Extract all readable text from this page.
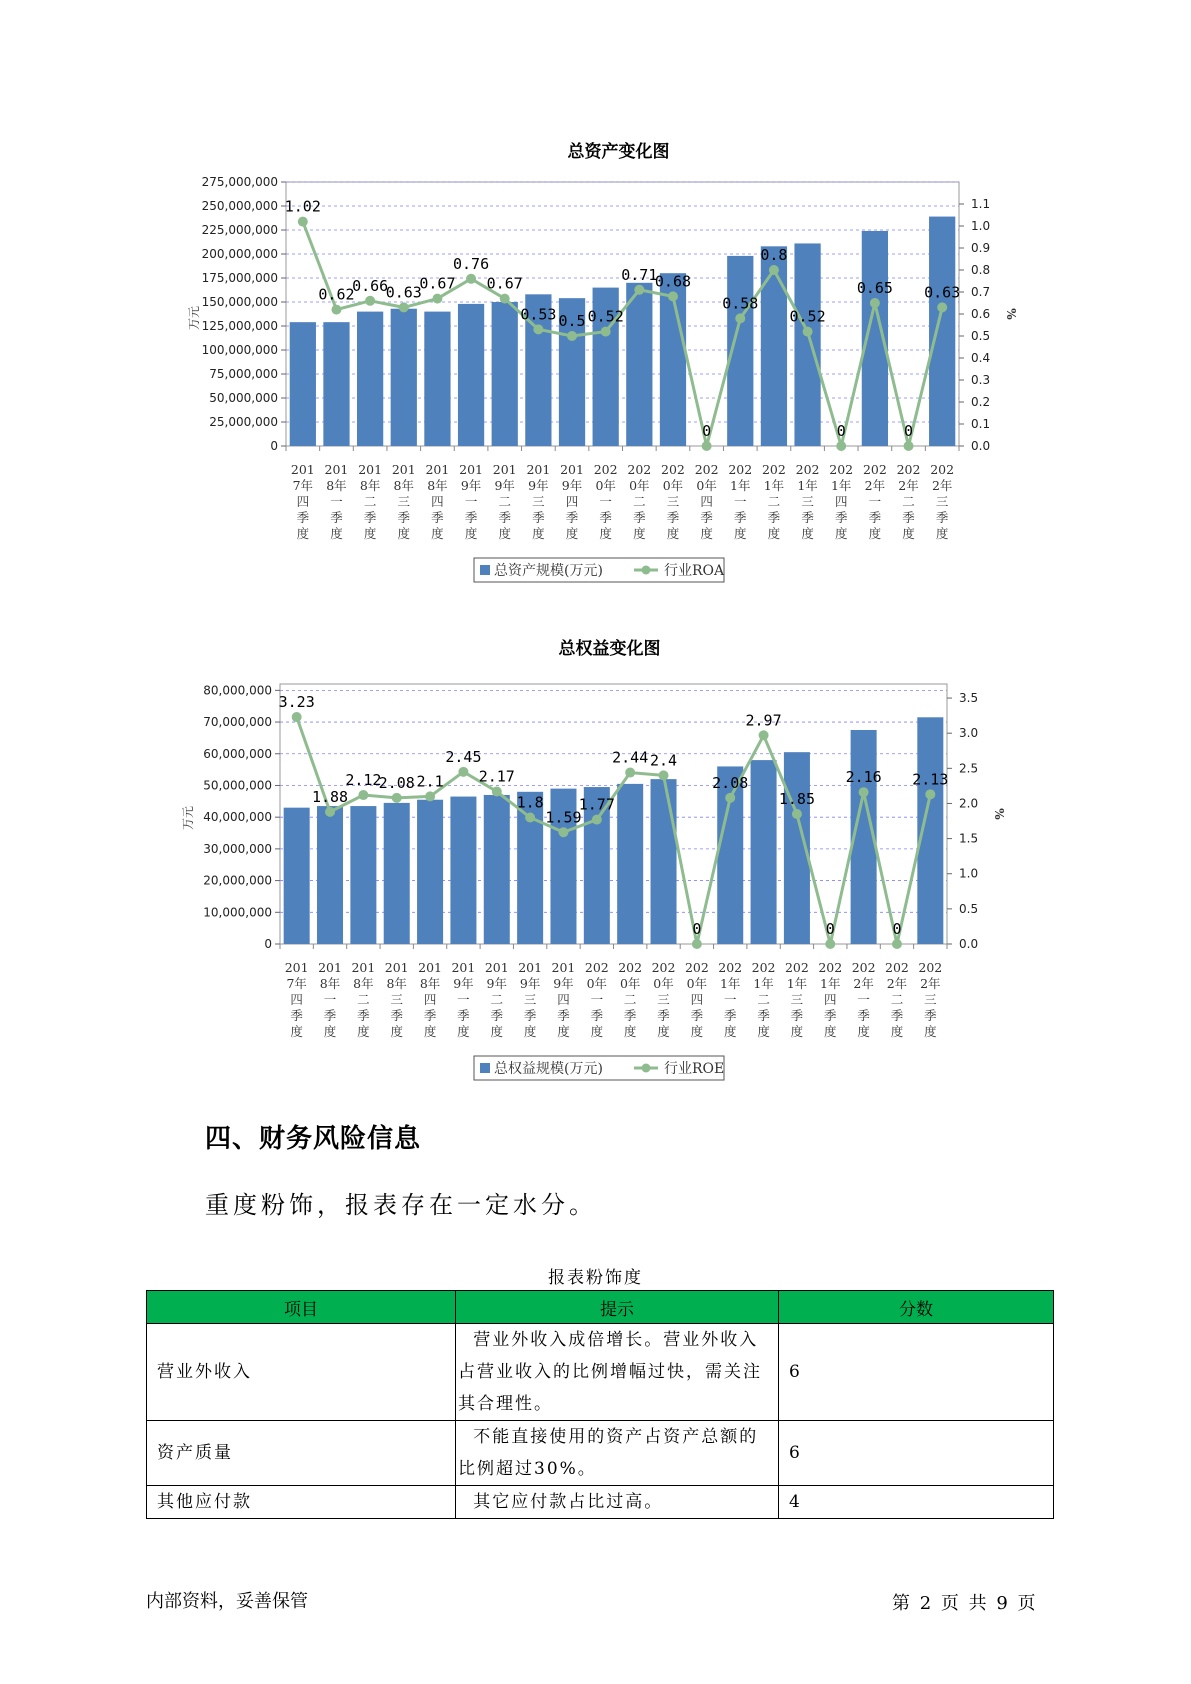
总资产变化图
0
25,000,000
50,000,000
75,000,000
100,000,000
125,000,000
150,000,000
175,000,000
200,000,000
225,000,000
250,000,000
275,000,000
0.0
0.1
0.2
0.3
0.4
0.5
0.6
0.7
0.8
0.9
1.0
1.1
万元	%
201 7年四季度
201 8年一季度
201 8年二季度
201 8年三季度
201 8年四季度
201 9年一季度
201 9年二季度
201 9年三季度
201 9年四季度
202 0年一季度
202 0年二季度
202 0年三季度
202 0年四季度
202 1年一季度
202 1年二季度
202 1年三季度
202 1年四季度
202 2年一季度
202 2年二季度
202 2年三季度
1.02
0.62
0.66
0.63
0.67
0.76
0.67
0.53 0.5 0.52
0.71
0.68
0
0.58
0.8
0.52
0
0.65
0
0.63
总资产规模(万元)	行业ROA
总权益变化图
0
10,000,000
20,000,000
30,000,000
40,000,000
50,000,000
60,000,000
70,000,000
80,000,000
0.0
0.5
1.0
1.5
2.0
2.5
3.0
3.5
万元	%
201 7年四季度
201 8年一季度
201 8年二季度
201 8年三季度
201 8年四季度
201 9年一季度
201 9年二季度
201 9年三季度
201 9年四季度
202 0年一季度
202 0年二季度
202 0年三季度
202 0年四季度
202 1年一季度
202 1年二季度
202 1年三季度
202 1年四季度
202 2年一季度
202 2年二季度
202 2年三季度
3.23
1.88
2.12
2.08 2.1
2.45
2.17
1.8
1.59
1.77
2.44 2.4
0
2.08
2.97
1.85
0
2.16
0
2.13
总权益规模(万元)	行业ROE
四、财务风险信息
重度粉饰，报表存在一定水分。
报表粉饰度
项目	提示	分数
营业外收入	营业外收入成倍增长。营业外收入占营业收入的比例增幅过快，需关注其合理性。	6
资产质量	不能直接使用的资产占资产总额的比例超过30%。	6
其他应付款	其它应付款占比过高。	4
内部资料，妥善保管	第 2 页 共 9 页
